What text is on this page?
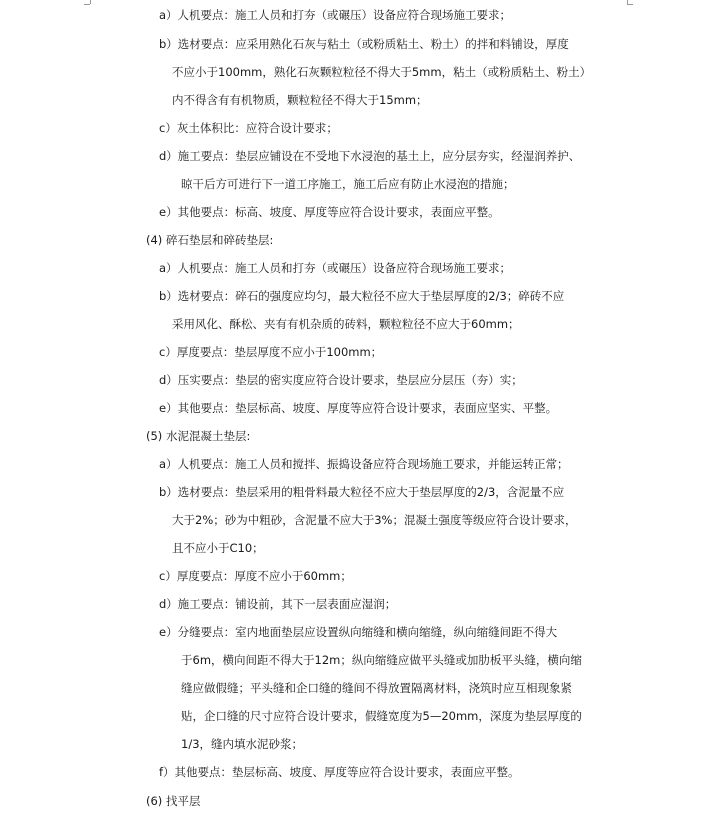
a）人机要点：施工人员和打夯（或碾压）设备应符合现场施工要求；
b）选材要点：应采用熟化石灰与粘土（或粉质粘土、粉土）的拌和料铺设，厚度
不应小于100mm，熟化石灰颗粒粒径不得大于5mm，粘土（或粉质粘土、粉土）
内不得含有有机物质，颗粒粒径不得大于15mm；
c）灰土体积比：应符合设计要求；
d）施工要点：垫层应铺设在不受地下水浸泡的基土上，应分层夯实，经湿润养护、
晾干后方可进行下一道工序施工，施工后应有防止水浸泡的措施；
e）其他要点：标高、坡度、厚度等应符合设计要求，表面应平整。
(4) 碎石垫层和碎砖垫层:
a）人机要点：施工人员和打夯（或碾压）设备应符合现场施工要求；
b）选材要点：碎石的强度应均匀，最大粒径不应大于垫层厚度的2/3；碎砖不应
采用风化、酥松、夹有有机杂质的砖料，颗粒粒径不应大于60mm；
c）厚度要点：垫层厚度不应小于100mm；
d）压实要点：垫层的密实度应符合设计要求，垫层应分层压（夯）实；
e）其他要点：垫层标高、坡度、厚度等应符合设计要求，表面应坚实、平整。
(5) 水泥混凝土垫层:
a）人机要点：施工人员和搅拌、振捣设备应符合现场施工要求，并能运转正常；
b）选材要点：垫层采用的粗骨料最大粒径不应大于垫层厚度的2/3，含泥量不应
大于2%；砂为中粗砂，含泥量不应大于3%；混凝土强度等级应符合设计要求，
且不应小于C10；
c）厚度要点：厚度不应小于60mm；
d）施工要点：铺设前，其下一层表面应湿润；
e）分缝要点：室内地面垫层应设置纵向缩缝和横向缩缝，纵向缩缝间距不得大
于6m，横向间距不得大于12m；纵向缩缝应做平头缝或加肋板平头缝，横向缩
缝应做假缝；平头缝和企口缝的缝间不得放置隔离材料，浇筑时应互相现象紧
贴，企口缝的尺寸应符合设计要求，假缝宽度为5—20mm，深度为垫层厚度的
1/3，缝内填水泥砂浆；
f）其他要点：垫层标高、坡度、厚度等应符合设计要求，表面应平整。
(6) 找平层
